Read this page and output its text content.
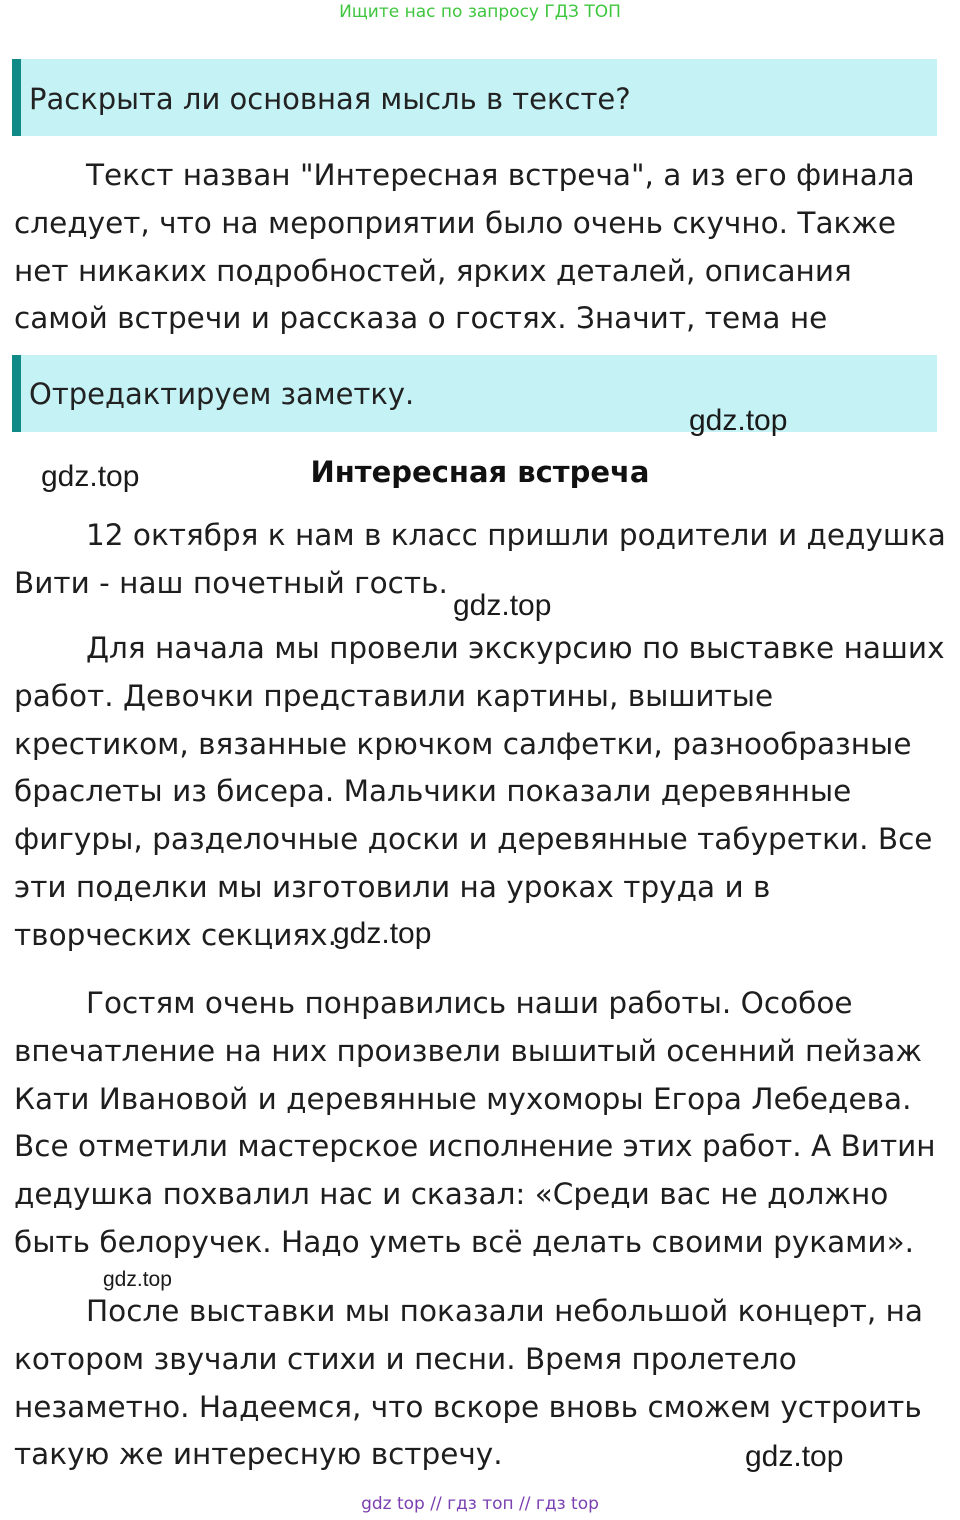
Ищите нас по запросу ГДЗ ТОП
Раскрыта ли основная мысль в тексте?

Текст назван "Интересная встреча", а из его финала следует, что на мероприятии было очень скучно. Также нет никаких подробностей, ярких деталей, описания самой встречи и рассказа о гостях. Значит, тема не

Отредактируем заметку.
Интересная встреча

12 октября к нам в класс пришли родители и дедушка Вити - наш почетный гость.

Для начала мы провели экскурсию по выставке наших работ. Девочки представили картины, вышитые крестиком, вязанные крючком салфетки, разнообразные браслеты из бисера. Мальчики показали деревянные фигуры, разделочные доски и деревянные табуретки. Все эти поделки мы изготовили на уроках труда и в творческих секциях.

Гостям очень понравились наши работы. Особое впечатление на них произвели вышитый осенний пейзаж Кати Ивановой и деревянные мухоморы Егора Лебедева. Все отметили мастерское исполнение этих работ. А Витин дедушка похвалил нас и сказал: «Среди вас не должно быть белоручек. Надо уметь всё делать своими руками».

После выставки мы показали небольшой концерт, на котором звучали стихи и песни. Время пролетело незаметно. Надеемся, что вскоре вновь сможем устроить такую же интересную встречу.

gdz.top
gdz.top
gdz.top
gdz.top
gdz.top
gdz.top
gdz top // гдз топ // гдз top
